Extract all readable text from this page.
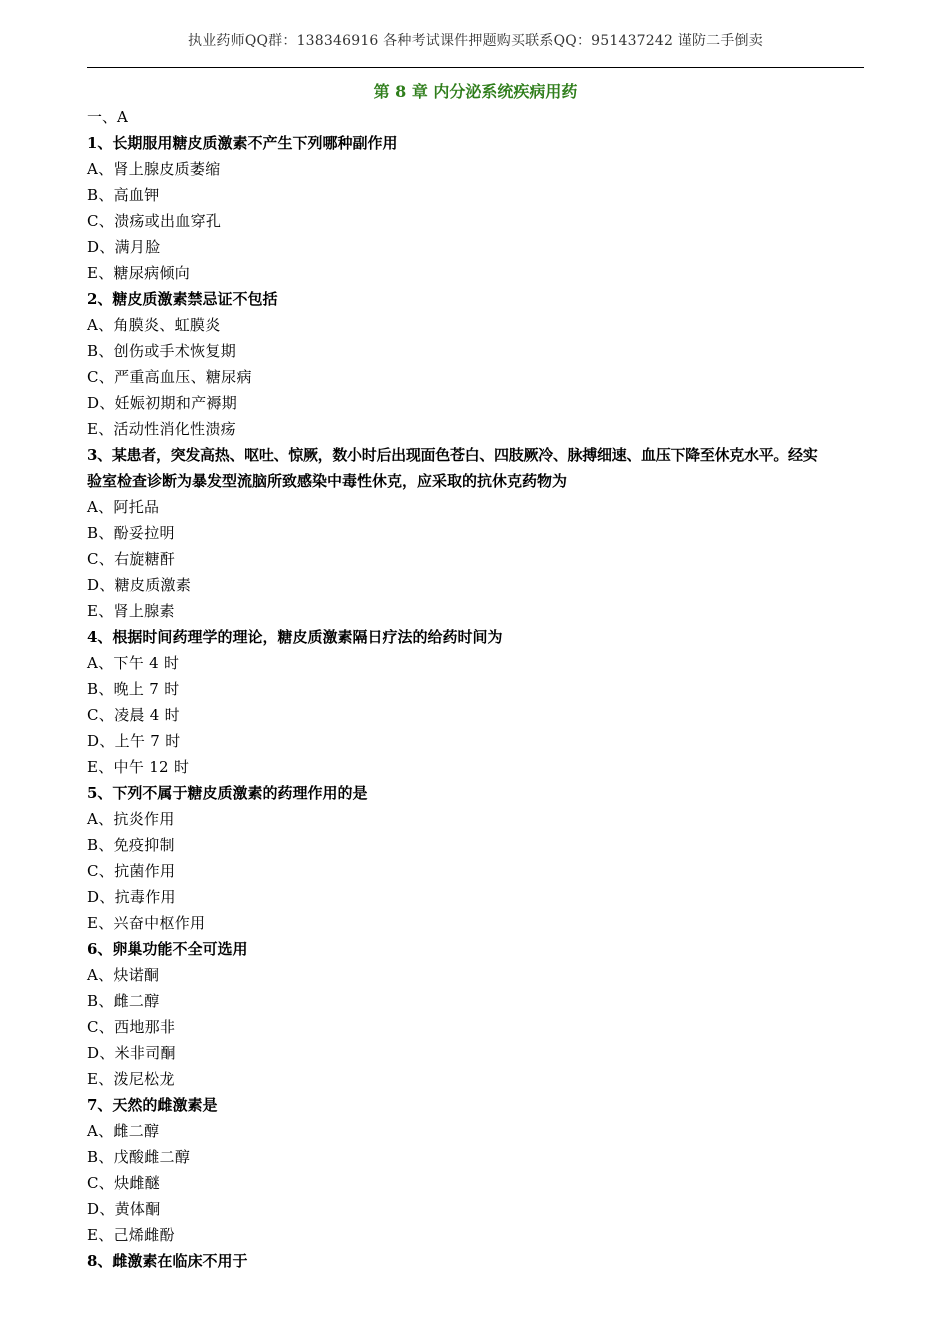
执业药师QQ群：138346916 各种考试课件押题购买联系QQ：951437242 谨防二手倒卖
第 8 章 内分泌系统疾病用药
一、A
1、长期服用糖皮质激素不产生下列哪种副作用
A、肾上腺皮质萎缩
B、高血钾
C、溃疡或出血穿孔
D、满月脸
E、糖尿病倾向
2、糖皮质激素禁忌证不包括
A、角膜炎、虹膜炎
B、创伤或手术恢复期
C、严重高血压、糖尿病
D、妊娠初期和产褥期
E、活动性消化性溃疡
3、某患者，突发高热、呕吐、惊厥，数小时后出现面色苍白、四肢厥冷、脉搏细速、血压下降至休克水平。经实
验室检查诊断为暴发型流脑所致感染中毒性休克，应采取的抗休克药物为
A、阿托品
B、酚妥拉明
C、右旋糖酐
D、糖皮质激素
E、肾上腺素
4、根据时间药理学的理论，糖皮质激素隔日疗法的给药时间为
A、下午 4 时
B、晚上 7 时
C、凌晨 4 时
D、上午 7 时
E、中午 12 时
5、下列不属于糖皮质激素的药理作用的是
A、抗炎作用
B、免疫抑制
C、抗菌作用
D、抗毒作用
E、兴奋中枢作用
6、卵巢功能不全可选用
A、炔诺酮
B、雌二醇
C、西地那非
D、米非司酮
E、泼尼松龙
7、天然的雌激素是
A、雌二醇
B、戊酸雌二醇
C、炔雌醚
D、黄体酮
E、己烯雌酚
8、雌激素在临床不用于
